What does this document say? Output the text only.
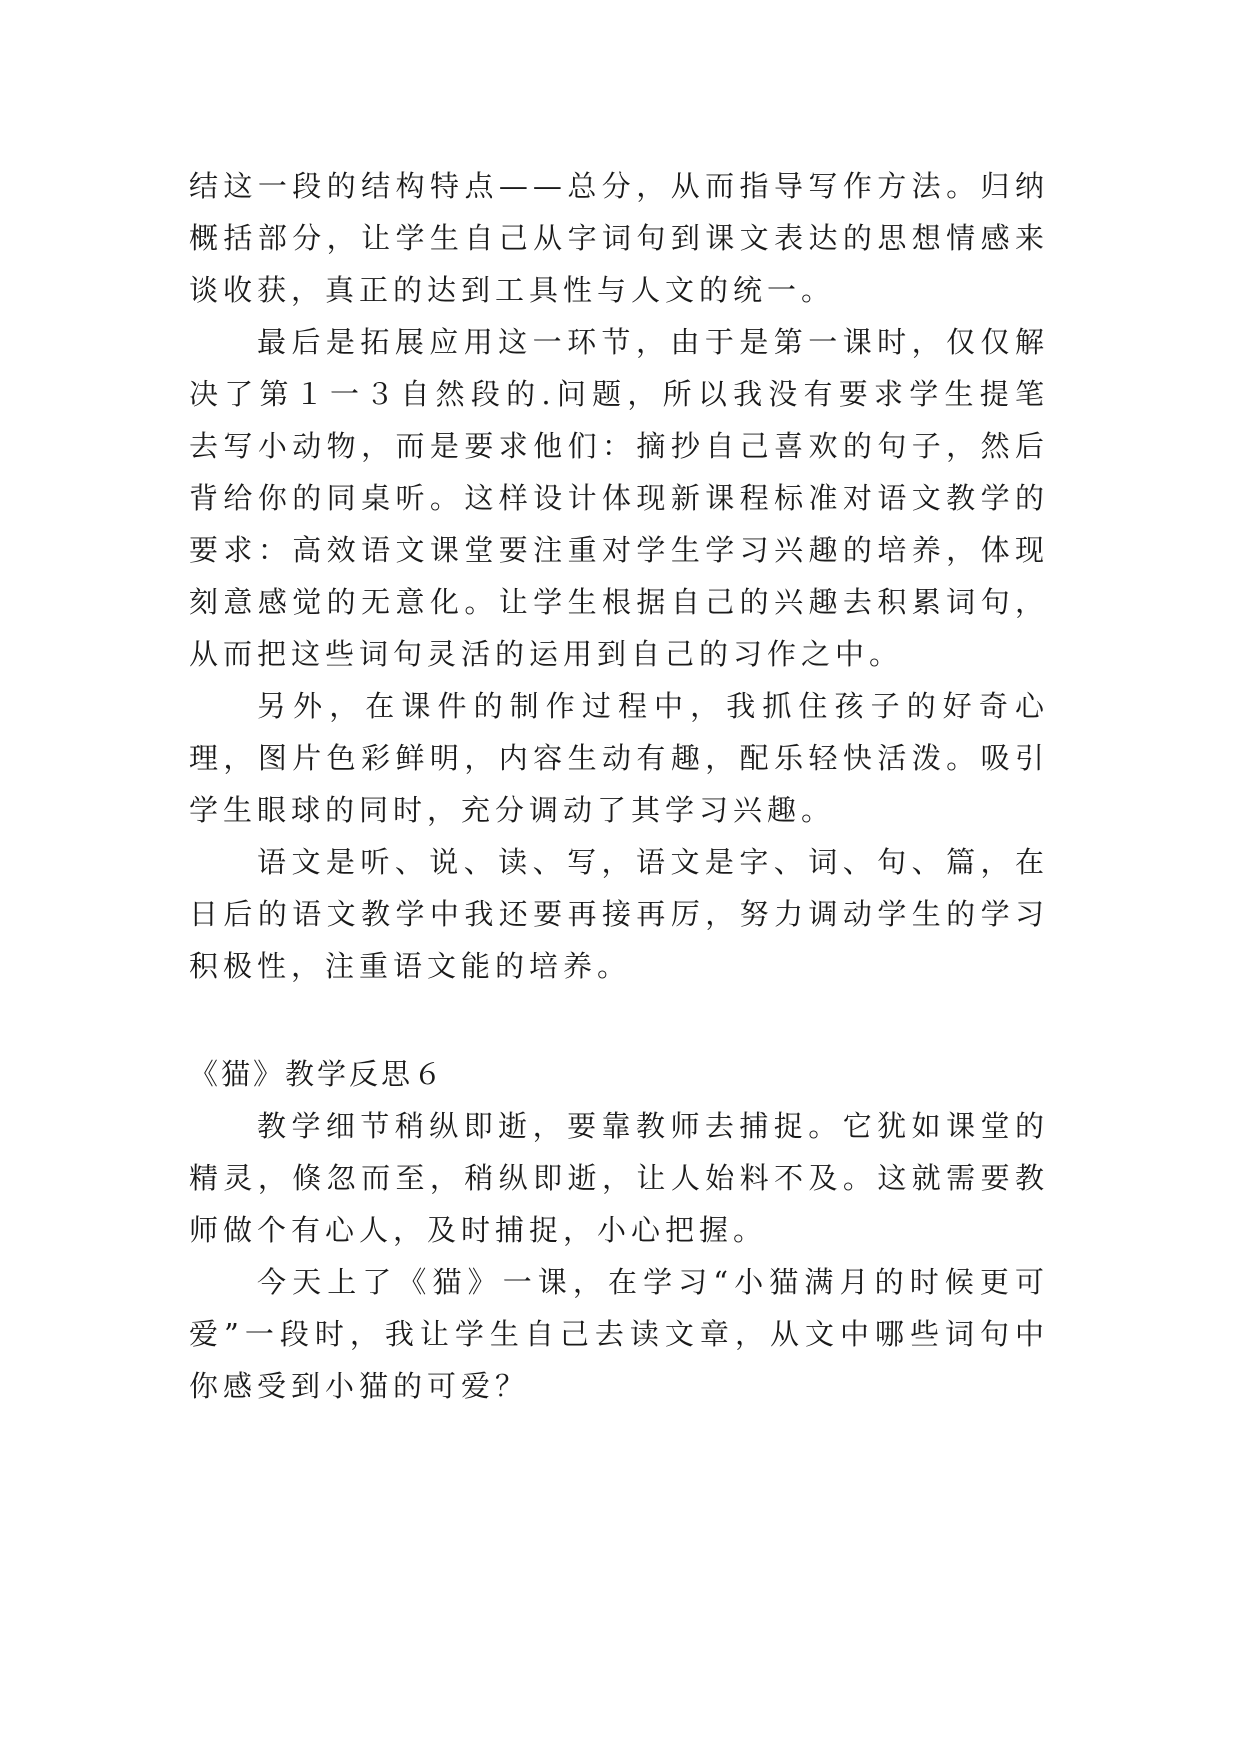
结这一段的结构特点——总分，从而指导写作方法。归纳概括部分，让学生自己从字词句到课文表达的思想情感来谈收获，真正的达到工具性与人文的统一。

最后是拓展应用这一环节，由于是第一课时，仅仅解决了第１一３自然段的.问题，所以我没有要求学生提笔去写小动物，而是要求他们：摘抄自己喜欢的句子，然后背给你的同桌听。这样设计体现新课程标准对语文教学的要求：高效语文课堂要注重对学生学习兴趣的培养，体现刻意感觉的无意化。让学生根据自己的兴趣去积累词句，从而把这些词句灵活的运用到自己的习作之中。

另外，在课件的制作过程中，我抓住孩子的好奇心理，图片色彩鲜明，内容生动有趣，配乐轻快活泼。吸引学生眼球的同时，充分调动了其学习兴趣。

语文是听、说、读、写，语文是字、词、句、篇，在日后的语文教学中我还要再接再厉，努力调动学生的学习积极性，注重语文能的培养。

《猫》教学反思６

教学细节稍纵即逝，要靠教师去捕捉。它犹如课堂的精灵，倏忽而至，稍纵即逝，让人始料不及。这就需要教师做个有心人，及时捕捉，小心把握。

今天上了《猫》一课，在学习“小猫满月的时候更可爱”一段时，我让学生自己去读文章，从文中哪些词句中你感受到小猫的可爱？
